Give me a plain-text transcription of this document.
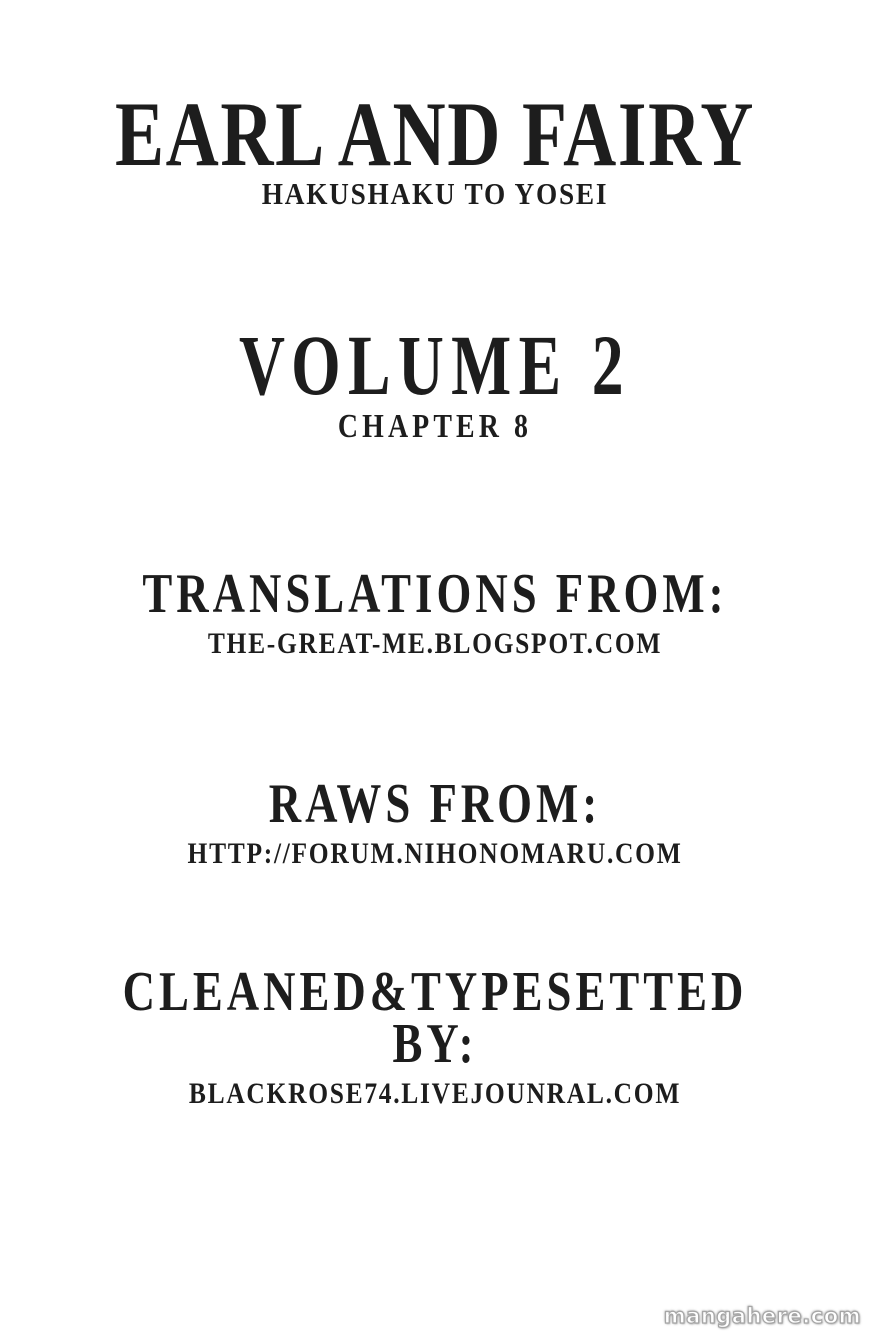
EARL AND FAIRY
HAKUSHAKU TO YOSEI
VOLUME 2
CHAPTER 8
TRANSLATIONS FROM:
THE-GREAT-ME.BLOGSPOT.COM
RAWS FROM:
HTTP://FORUM.NIHONOMARU.COM
CLEANED&TYPESETTED BY:
BLACKROSE74.LIVEJOUNRAL.COM
mangahere.com
